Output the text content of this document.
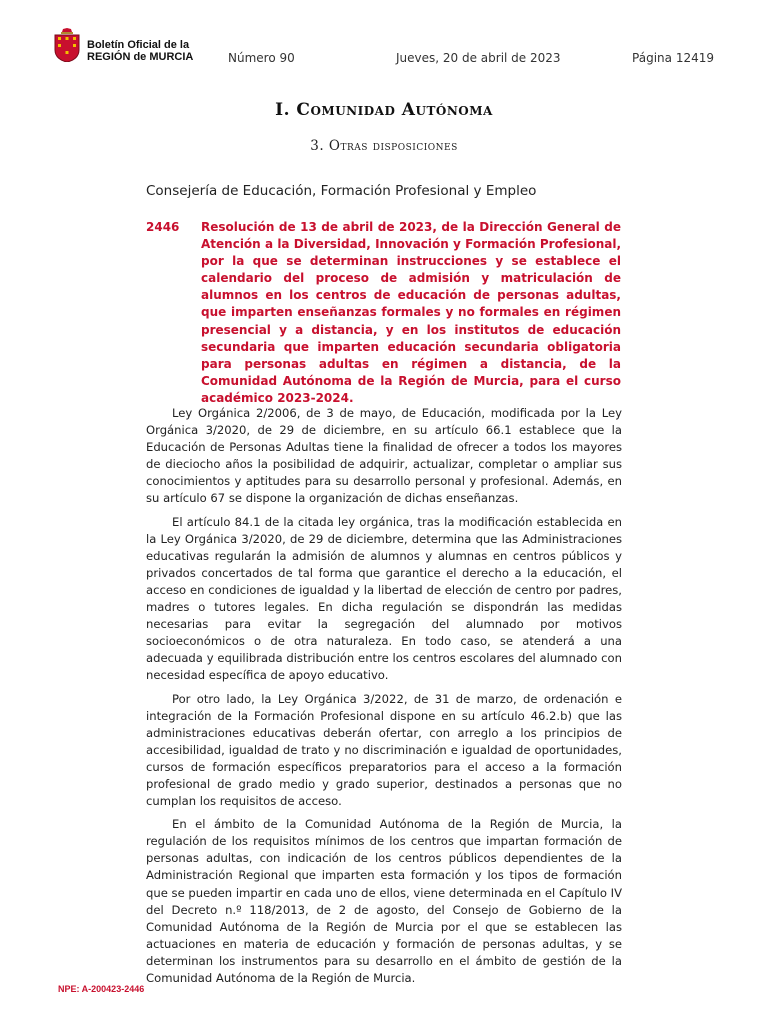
Boletín Oficial de la
REGIÓN de MURCIA	Número 90	Jueves, 20 de abril de 2023	Página 12419
I. Comunidad Autónoma
3. Otras disposiciones
Consejería de Educación, Formación Profesional y Empleo
2446 Resolución de 13 de abril de 2023, de la Dirección General de Atención a la Diversidad, Innovación y Formación Profesional, por la que se determinan instrucciones y se establece el calendario del proceso de admisión y matriculación de alumnos en los centros de educación de personas adultas, que imparten enseñanzas formales y no formales en régimen presencial y a distancia, y en los institutos de educación secundaria que imparten educación secundaria obligatoria para personas adultas en régimen a distancia, de la Comunidad Autónoma de la Región de Murcia, para el curso académico 2023-2024.

Ley Orgánica 2/2006, de 3 de mayo, de Educación, modificada por la Ley Orgánica 3/2020, de 29 de diciembre, en su artículo 66.1 establece que la Educación de Personas Adultas tiene la finalidad de ofrecer a todos los mayores de dieciocho años la posibilidad de adquirir, actualizar, completar o ampliar sus conocimientos y aptitudes para su desarrollo personal y profesional. Además, en su artículo 67 se dispone la organización de dichas enseñanzas.

El artículo 84.1 de la citada ley orgánica, tras la modificación establecida en la Ley Orgánica 3/2020, de 29 de diciembre, determina que las Administraciones educativas regularán la admisión de alumnos y alumnas en centros públicos y privados concertados de tal forma que garantice el derecho a la educación, el acceso en condiciones de igualdad y la libertad de elección de centro por padres, madres o tutores legales. En dicha regulación se dispondrán las medidas necesarias para evitar la segregación del alumnado por motivos socioeconómicos o de otra naturaleza. En todo caso, se atenderá a una adecuada y equilibrada distribución entre los centros escolares del alumnado con necesidad específica de apoyo educativo.

Por otro lado, la Ley Orgánica 3/2022, de 31 de marzo, de ordenación e integración de la Formación Profesional dispone en su artículo 46.2.b) que las administraciones educativas deberán ofertar, con arreglo a los principios de accesibilidad, igualdad de trato y no discriminación e igualdad de oportunidades, cursos de formación específicos preparatorios para el acceso a la formación profesional de grado medio y grado superior, destinados a personas que no cumplan los requisitos de acceso.

En el ámbito de la Comunidad Autónoma de la Región de Murcia, la regulación de los requisitos mínimos de los centros que impartan formación de personas adultas, con indicación de los centros públicos dependientes de la Administración Regional que imparten esta formación y los tipos de formación que se pueden impartir en cada uno de ellos, viene determinada en el Capítulo IV del Decreto n.º 118/2013, de 2 de agosto, del Consejo de Gobierno de la Comunidad Autónoma de la Región de Murcia por el que se establecen las actuaciones en materia de educación y formación de personas adultas, y se determinan los instrumentos para su desarrollo en el ámbito de gestión de la Comunidad Autónoma de la Región de Murcia.

NPE: A-200423-2446
